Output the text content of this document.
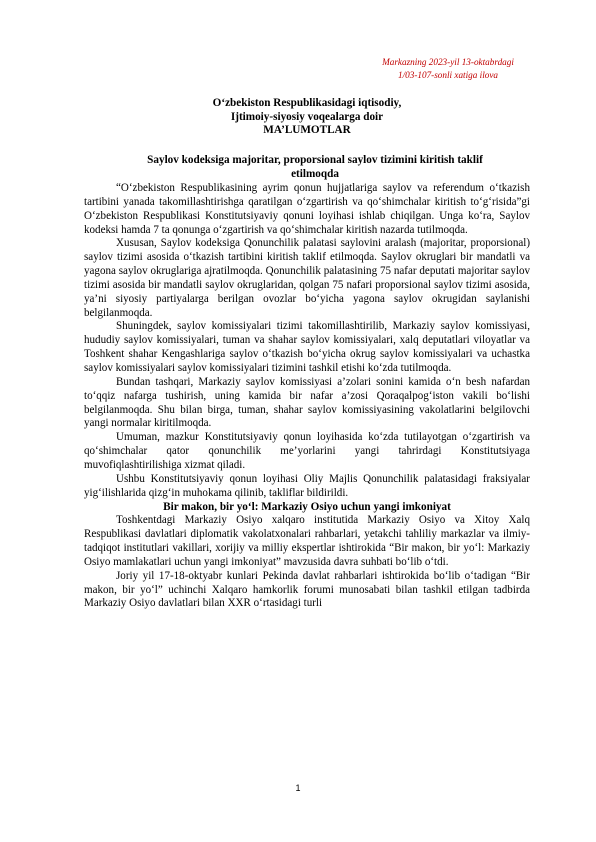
Markazning 2023-yil 13-oktabrdagi
1/03-107-sonli xatiga ilova
O‘zbekiston Respublikasidagi iqtisodiy,
Ijtimoiy-siyosiy voqealarga doir
MA’LUMOTLAR
Saylov kodeksiga majoritar, proporsional saylov tizimini kiritish taklif
etilmoqda

“O‘zbekiston Respublikasining ayrim qonun hujjatlariga saylov va referendum o‘tkazish tartibini yanada takomillashtirishga qaratilgan o‘zgartirish va qo‘shimchalar kiritish to‘g‘risida”gi O‘zbekiston Respublikasi Konstitutsiyaviy qonuni loyihasi ishlab chiqilgan. Unga ko‘ra, Saylov kodeksi hamda 7 ta qonunga o‘zgartirish va qo‘shimchalar kiritish nazarda tutilmoqda.

Xususan, Saylov kodeksiga Qonunchilik palatasi saylovini aralash (majoritar, proporsional) saylov tizimi asosida o‘tkazish tartibini kiritish taklif etilmoqda. Saylov okruglari bir mandatli va yagona saylov okruglariga ajratilmoqda. Qonunchilik palatasining 75 nafar deputati majoritar saylov tizimi asosida bir mandatli saylov okruglaridan, qolgan 75 nafari proporsional saylov tizimi asosida, ya’ni siyosiy partiyalarga berilgan ovozlar bo‘yicha yagona saylov okrugidan saylanishi belgilanmoqda.

Shuningdek, saylov komissiyalari tizimi takomillashtirilib, Markaziy saylov komissiyasi, hududiy saylov komissiyalari, tuman va shahar saylov komissiyalari, xalq deputatlari viloyatlar va Toshkent shahar Kengashlariga saylov o‘tkazish bo‘yicha okrug saylov komissiyalari va uchastka saylov komissiyalari saylov komissiyalari tizimini tashkil etishi ko‘zda tutilmoqda.

Bundan tashqari, Markaziy saylov komissiyasi a’zolari sonini kamida o‘n besh nafardan to‘qqiz nafarga tushirish, uning kamida bir nafar a’zosi Qoraqalpog‘iston vakili bo‘lishi belgilanmoqda. Shu bilan birga, tuman, shahar saylov komissiyasining vakolatlarini belgilovchi yangi normalar kiritilmoqda.

Umuman, mazkur Konstitutsiyaviy qonun loyihasida ko‘zda tutilayotgan o‘zgartirish va qo‘shimchalar qator qonunchilik me’yorlarini yangi tahrirdagi Konstitutsiyaga muvofiqlashtirilishiga xizmat qiladi.

Ushbu Konstitutsiyaviy qonun loyihasi Oliy Majlis Qonunchilik palatasidagi fraksiyalar yig‘ilishlarida qizg‘in muhokama qilinib, takliflar bildirildi.

Bir makon, bir yo‘l: Markaziy Osiyo uchun yangi imkoniyat

Toshkentdagi Markaziy Osiyo xalqaro institutida Markaziy Osiyo va Xitoy Xalq Respublikasi davlatlari diplomatik vakolatxonalari rahbarlari, yetakchi tahliliy markazlar va ilmiy-tadqiqot institutlari vakillari, xorijiy va milliy ekspertlar ishtirokida “Bir makon, bir yo‘l: Markaziy Osiyo mamlakatlari uchun yangi imkoniyat” mavzusida davra suhbati bo‘lib o‘tdi.

Joriy yil 17-18-oktyabr kunlari Pekinda davlat rahbarlari ishtirokida bo‘lib o‘tadigan “Bir makon, bir yo‘l” uchinchi Xalqaro hamkorlik forumi munosabati bilan tashkil etilgan tadbirda Markaziy Osiyo davlatlari bilan XXR o‘rtasidagi turli

1
